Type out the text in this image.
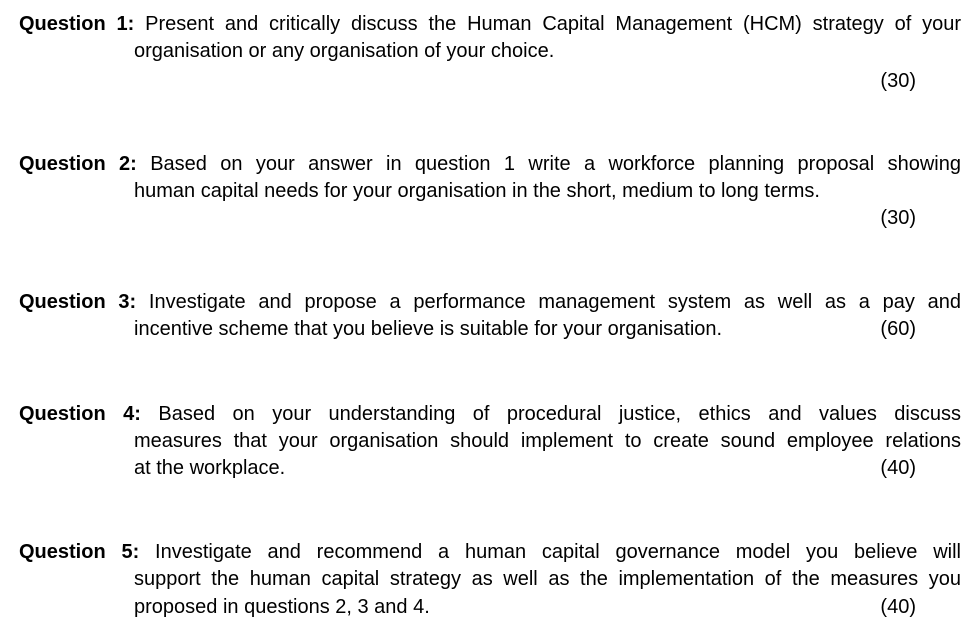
Question 1: Present and critically discuss the Human Capital Management (HCM) strategy of your
organisation or any organisation of your choice.
(30)
Question 2: Based on your answer in question 1 write a workforce planning proposal showing
human capital needs for your organisation in the short, medium to long terms.
(30)
Question 3: Investigate and propose a performance management system as well as a pay and
incentive scheme that you believe is suitable for your organisation.	(60)
Question 4: Based on your understanding of procedural justice, ethics and values discuss
measures that your organisation should implement to create sound employee relations
at the workplace.	(40)
Question 5: Investigate and recommend a human capital governance model you believe will
support the human capital strategy as well as the implementation of the measures you
proposed in questions 2, 3 and 4.	(40)
